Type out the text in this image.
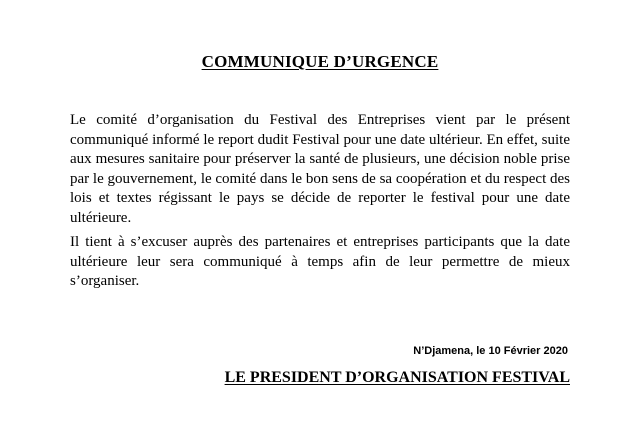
COMMUNIQUE D’URGENCE

Le comité d’organisation du Festival des Entreprises vient par le présent communiqué informé le report dudit Festival pour une date ultérieur. En effet, suite aux mesures sanitaire pour préserver la santé de plusieurs, une décision noble prise par le gouvernement, le comité dans le bon sens de sa coopération et du respect des lois et textes régissant le pays se décide de reporter le festival pour une date ultérieure.

Il tient à s’excuser auprès des partenaires et entreprises participants que la date ultérieure leur sera communiqué à temps afin de leur permettre de mieux s’organiser.

N’Djamena, le 10 Février 2020

LE PRESIDENT D’ORGANISATION FESTIVAL
